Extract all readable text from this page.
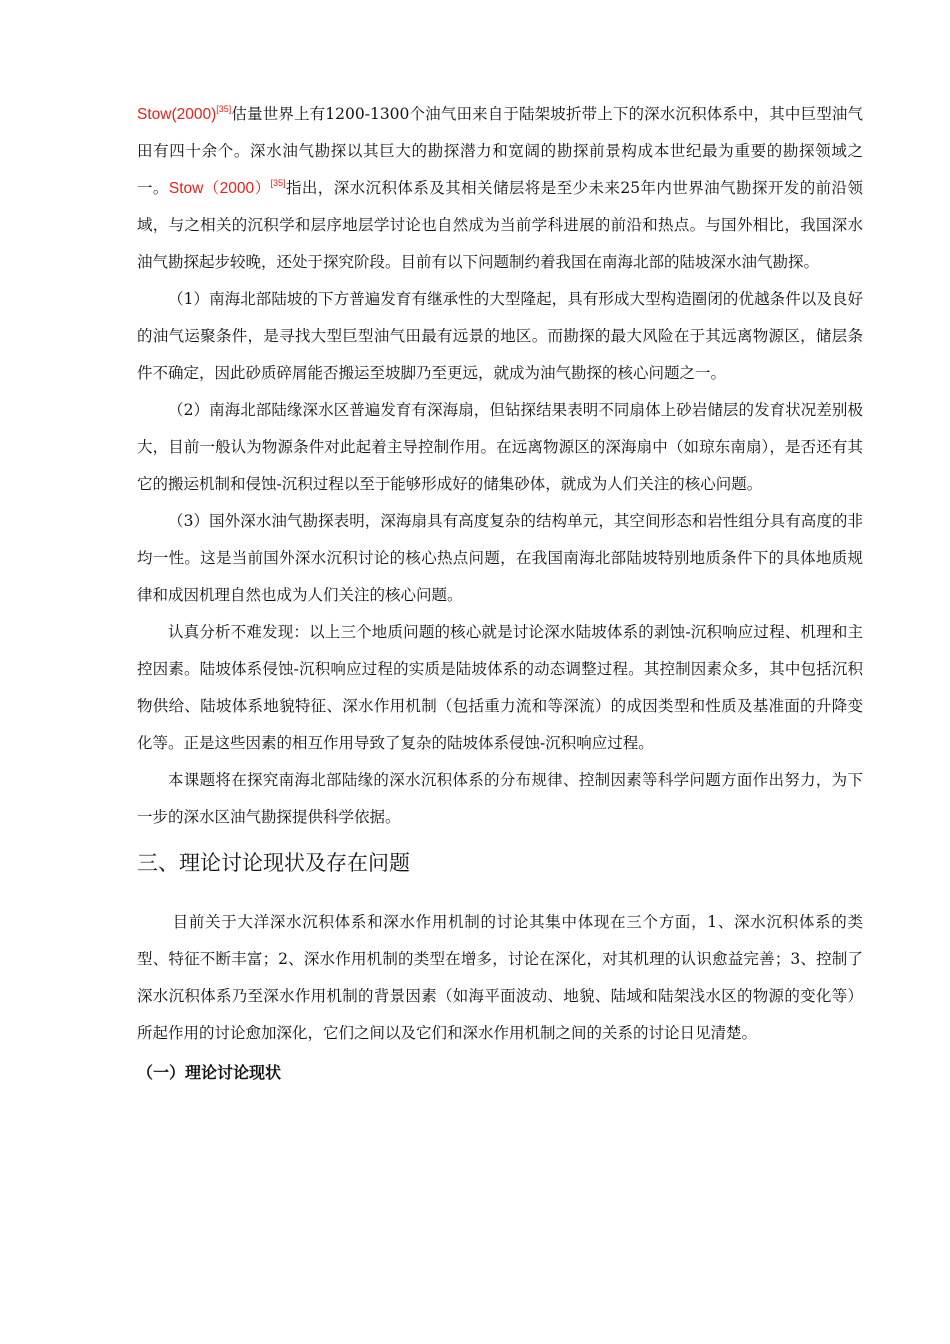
Stow(2000)[35]估量世界上有1200-1300个油气田来自于陆架坡折带上下的深水沉积体系中，其中巨型油气田有四十余个。深水油气勘探以其巨大的勘探潜力和宽阔的勘探前景构成本世纪最为重要的勘探领域之一。Stow（2000）[35]指出，深水沉积体系及其相关储层将是至少未来25年内世界油气勘探开发的前沿领域，与之相关的沉积学和层序地层学讨论也自然成为当前学科进展的前沿和热点。与国外相比，我国深水油气勘探起步较晚，还处于探究阶段。目前有以下问题制约着我国在南海北部的陆坡深水油气勘探。

（1）南海北部陆坡的下方普遍发育有继承性的大型隆起，具有形成大型构造圈闭的优越条件以及良好的油气运聚条件，是寻找大型巨型油气田最有远景的地区。而勘探的最大风险在于其远离物源区，储层条件不确定，因此砂质碎屑能否搬运至坡脚乃至更远，就成为油气勘探的核心问题之一。

（2）南海北部陆缘深水区普遍发育有深海扇，但钻探结果表明不同扇体上砂岩储层的发育状况差别极大，目前一般认为物源条件对此起着主导控制作用。在远离物源区的深海扇中（如琼东南扇），是否还有其它的搬运机制和侵蚀-沉积过程以至于能够形成好的储集砂体，就成为人们关注的核心问题。

（3）国外深水油气勘探表明，深海扇具有高度复杂的结构单元，其空间形态和岩性组分具有高度的非均一性。这是当前国外深水沉积讨论的核心热点问题，在我国南海北部陆坡特别地质条件下的具体地质规律和成因机理自然也成为人们关注的核心问题。

认真分析不难发现：以上三个地质问题的核心就是讨论深水陆坡体系的剥蚀-沉积响应过程、机理和主控因素。陆坡体系侵蚀-沉积响应过程的实质是陆坡体系的动态调整过程。其控制因素众多，其中包括沉积物供给、陆坡体系地貌特征、深水作用机制（包括重力流和等深流）的成因类型和性质及基准面的升降变化等。正是这些因素的相互作用导致了复杂的陆坡体系侵蚀-沉积响应过程。

本课题将在探究南海北部陆缘的深水沉积体系的分布规律、控制因素等科学问题方面作出努力，为下一步的深水区油气勘探提供科学依据。

三、理论讨论现状及存在问题

目前关于大洋深水沉积体系和深水作用机制的讨论其集中体现在三个方面，1、深水沉积体系的类型、特征不断丰富；2、深水作用机制的类型在增多，讨论在深化，对其机理的认识愈益完善；3、控制了深水沉积体系乃至深水作用机制的背景因素（如海平面波动、地貌、陆域和陆架浅水区的物源的变化等）所起作用的讨论愈加深化，它们之间以及它们和深水作用机制之间的关系的讨论日见清楚。

（一）理论讨论现状
